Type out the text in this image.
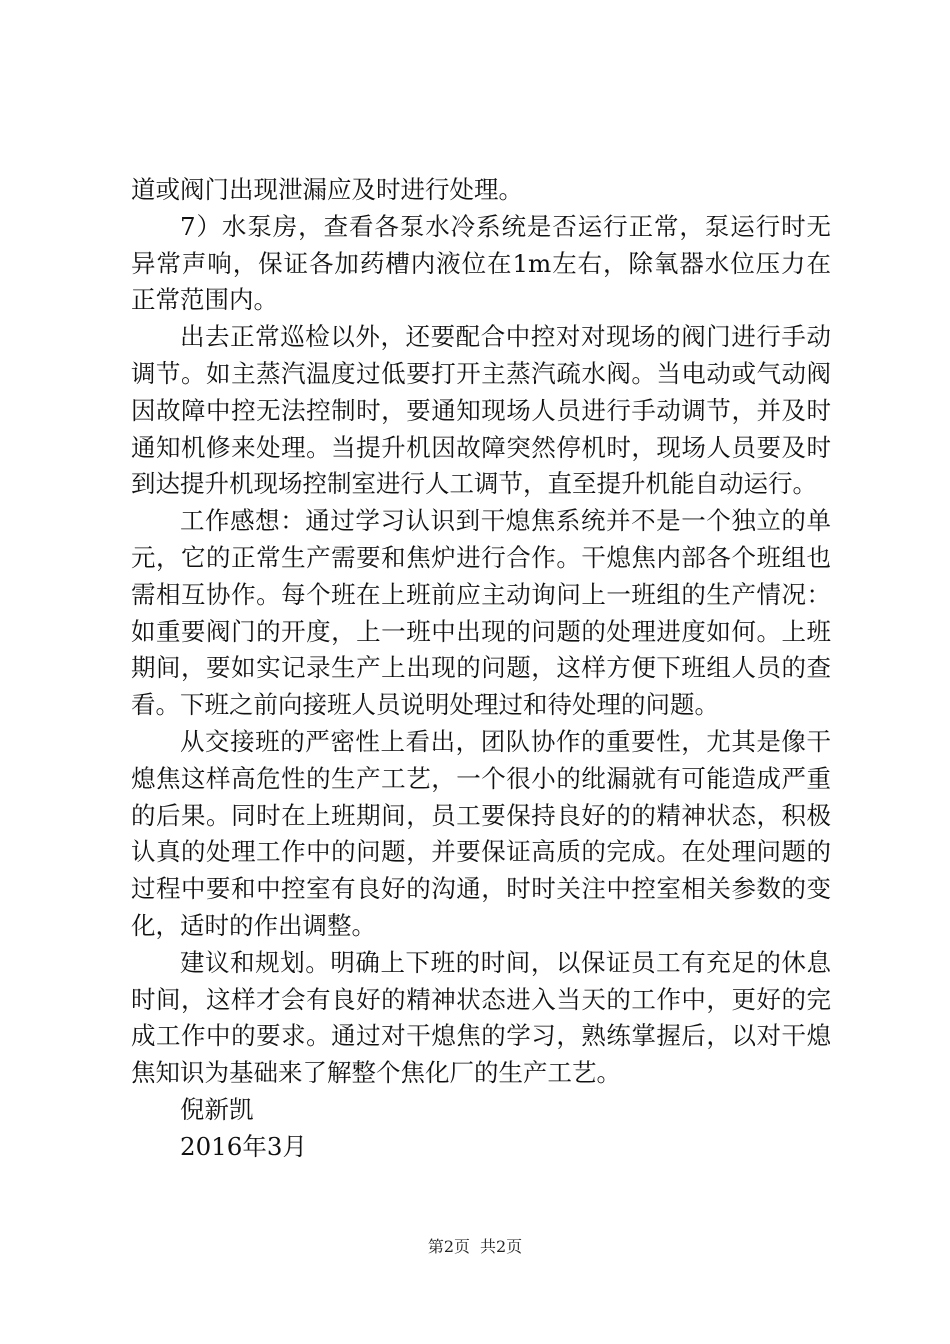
道或阀门出现泄漏应及时进行处理。

7）水泵房，查看各泵水冷系统是否运行正常，泵运行时无异常声响，保证各加药槽内液位在1m左右，除氧器水位压力在正常范围内。

出去正常巡检以外，还要配合中控对对现场的阀门进行手动调节。如主蒸汽温度过低要打开主蒸汽疏水阀。当电动或气动阀因故障中控无法控制时，要通知现场人员进行手动调节，并及时通知机修来处理。当提升机因故障突然停机时，现场人员要及时到达提升机现场控制室进行人工调节，直至提升机能自动运行。

工作感想：通过学习认识到干熄焦系统并不是一个独立的单元，它的正常生产需要和焦炉进行合作。干熄焦内部各个班组也需相互协作。每个班在上班前应主动询问上一班组的生产情况：如重要阀门的开度，上一班中出现的问题的处理进度如何。上班期间，要如实记录生产上出现的问题，这样方便下班组人员的查看。下班之前向接班人员说明处理过和待处理的问题。

从交接班的严密性上看出，团队协作的重要性，尤其是像干熄焦这样高危性的生产工艺，一个很小的纰漏就有可能造成严重的后果。同时在上班期间，员工要保持良好的的精神状态，积极认真的处理工作中的问题，并要保证高质的完成。在处理问题的过程中要和中控室有良好的沟通，时时关注中控室相关参数的变化，适时的作出调整。

建议和规划。明确上下班的时间，以保证员工有充足的休息时间，这样才会有良好的精神状态进入当天的工作中，更好的完成工作中的要求。通过对干熄焦的学习，熟练掌握后，以对干熄焦知识为基础来了解整个焦化厂的生产工艺。

倪新凯

2016年3月

第2页 共2页
